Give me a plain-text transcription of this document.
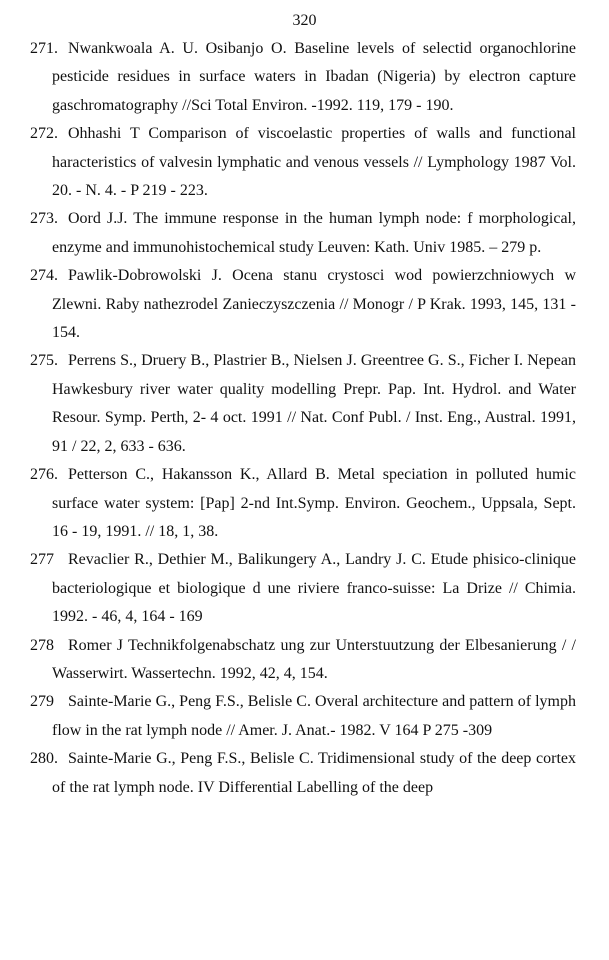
320
271. Nwankwoala A. U. Osibanjo O. Baseline levels of selectid organochlorine pesticide residues in surface waters in Ibadan (Nigeria) by electron capture gaschromatography //Sci Total Environ. -1992. 119, 179 - 190.
272. Ohhashi T Comparison of viscoelastic properties of walls and functional haracteristics of valvesin lymphatic and venous vessels // Lymphology 1987 Vol. 20. - N. 4. - P 219 - 223.
273. Oord J.J. The immune response in the human lymph node: f morphological, enzyme and immunohistochemical study Leuven: Kath. Univ 1985. – 279 p.
274. Pawlik-Dobrowolski J. Ocena stanu crystosci wod powierzchniowych w Zlewni. Raby nathezrodel Zanieczyszczenia // Monogr / P Krak. 1993, 145, 131 - 154.
275. Perrens S., Druery B., Plastrier B., Nielsen J. Greentree G. S., Ficher I. Nepean Hawkesbury river water quality modelling Prepr. Pap. Int. Hydrol. and Water Resour. Symp. Perth, 2- 4 oct. 1991 // Nat. Conf Publ. / Inst. Eng., Austral. 1991, 91 / 22, 2, 633 - 636.
276. Petterson C., Hakansson K., Allard B. Metal speciation in polluted humic surface water system: [Pap] 2-nd Int.Symp. Environ. Geochem., Uppsala, Sept. 16 - 19, 1991. // 18, 1, 38.
277 Revaclier R., Dethier M., Balikungery A., Landry J. C. Etude phisico-clinique bacteriologique et biologique d une riviere franco-suisse: La Drize // Chimia. 1992. - 46, 4, 164 - 169
278 Romer J Technikfolgenabschatz ung zur Unterstuutzung der Elbesanierung / / Wasserwirt. Wassertechn. 1992, 42, 4, 154.
279 Sainte-Marie G., Peng F.S., Belisle C. Overal architecture and pattern of lymph flow in the rat lymph node // Amer. J. Anat.- 1982. V 164 P 275 -309
280. Sainte-Marie G., Peng F.S., Belisle C. Tridimensional study of the deep cortex of the rat lymph node. IV Differential Labelling of the deep
